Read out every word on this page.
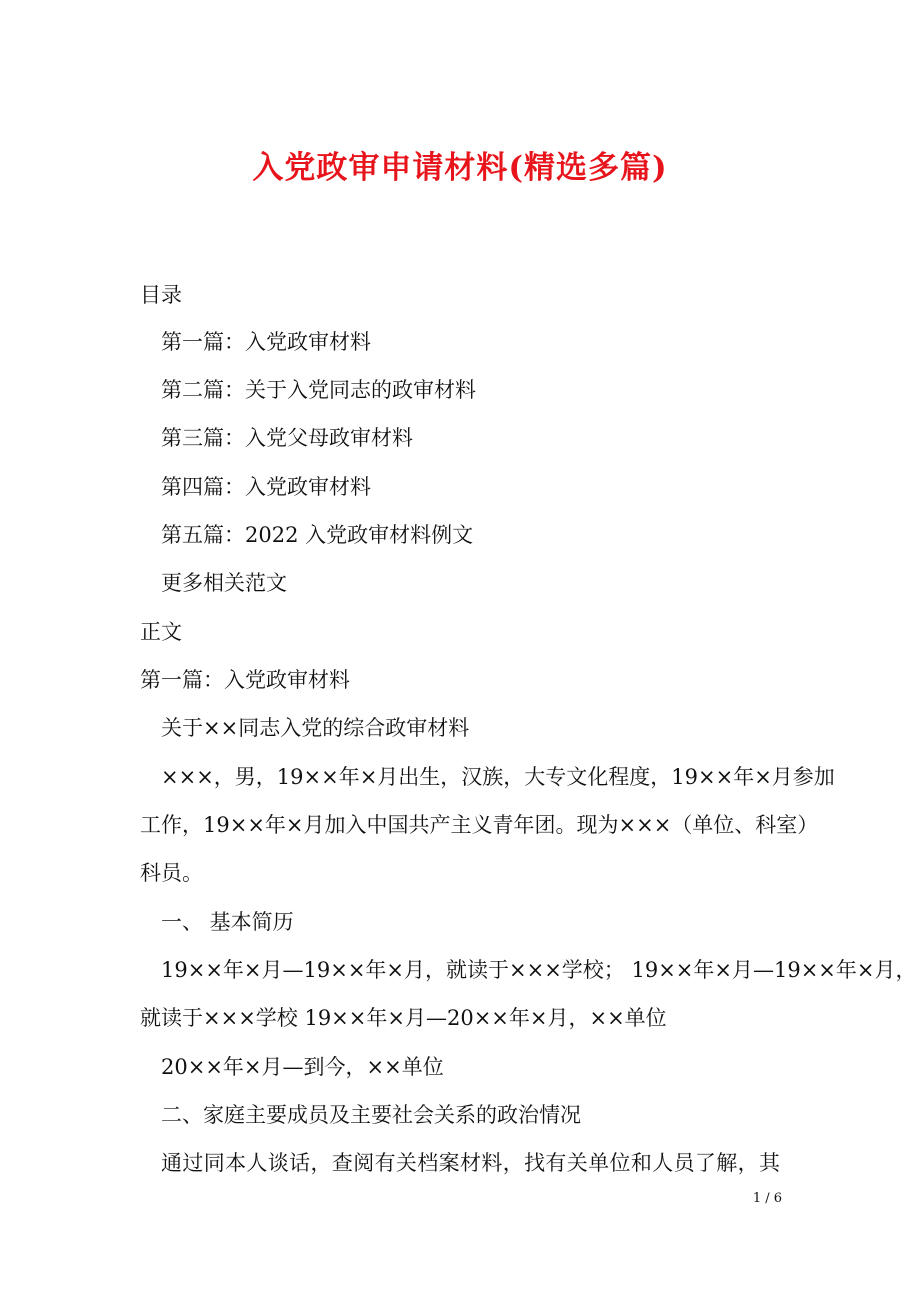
入党政审申请材料(精选多篇)
目录
第一篇：入党政审材料
第二篇：关于入党同志的政审材料
第三篇：入党父母政审材料
第四篇：入党政审材料
第五篇：2022 入党政审材料例文
更多相关范文
正文
第一篇：入党政审材料
关于××同志入党的综合政审材料
×××，男，19××年×月出生，汉族，大专文化程度，19××年×月参加
工作，19××年×月加入中国共产主义青年团。现为×××（单位、科室）
科员。
一、 基本简历
19××年×月—19××年×月，就读于×××学校； 19××年×月—19××年×月，
就读于×××学校 19××年×月—20××年×月，××单位
20××年×月—到今，××单位
二、家庭主要成员及主要社会关系的政治情况
通过同本人谈话，查阅有关档案材料，找有关单位和人员了解，其
1 / 6
